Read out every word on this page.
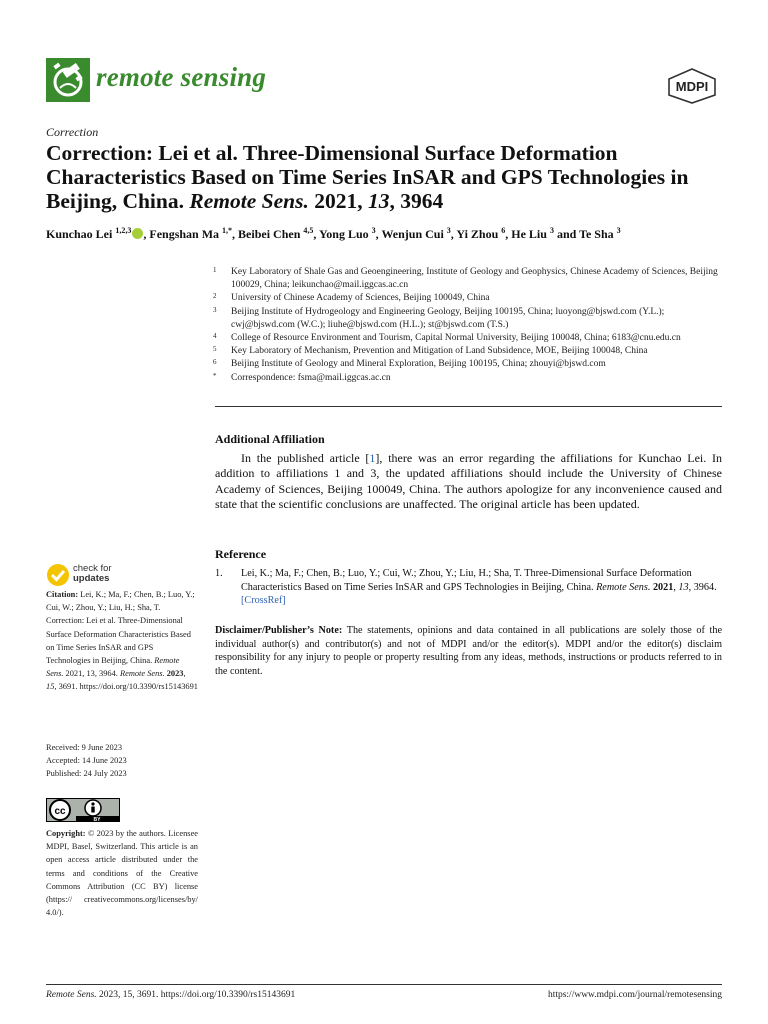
remote sensing	MDPI
Correction
Correction: Lei et al. Three-Dimensional Surface Deformation Characteristics Based on Time Series InSAR and GPS Technologies in Beijing, China. Remote Sens. 2021, 13, 3964
Kunchao Lei $^{1,2,3}$ , Fengshan Ma $^{1,*}$, Beibei Chen $^{4,5}$, Yong Luo $^3$, Wenjun Cui $^3$, Yi Zhou $^6$, He Liu $^3$ and Te Sha $^3$
1 Key Laboratory of Shale Gas and Geoengineering, Institute of Geology and Geophysics, Chinese Academy of Sciences, Beijing 100029, China; leikunchao@mail.iggcas.ac.cn
2 University of Chinese Academy of Sciences, Beijing 100049, China
3 Beijing Institute of Hydrogeology and Engineering Geology, Beijing 100195, China; luoyong@bjswd.com (Y.L.); cwj@bjswd.com (W.C.); liuhe@bjswd.com (H.L.); st@bjswd.com (T.S.)
4 College of Resource Environment and Tourism, Capital Normal University, Beijing 100048, China; 6183@cnu.edu.cn
5 Key Laboratory of Mechanism, Prevention and Mitigation of Land Subsidence, MOE, Beijing 100048, China
6 Beijing Institute of Geology and Mineral Exploration, Beijing 100195, China; zhouyi@bjswd.com
* Correspondence: fsma@mail.iggcas.ac.cn
Additional Affiliation
In the published article [1], there was an error regarding the affiliations for Kunchao Lei. In addition to affiliations 1 and 3, the updated affiliations should include the University of Chinese Academy of Sciences, Beijing 100049, China. The authors apologize for any inconvenience caused and state that the scientific conclusions are unaffected. The original article has been updated.
Reference
1. Lei, K.; Ma, F.; Chen, B.; Luo, Y.; Cui, W.; Zhou, Y.; Liu, H.; Sha, T. Three-Dimensional Surface Deformation Characteristics Based on Time Series InSAR and GPS Technologies in Beijing, China. Remote Sens. 2021, 13, 3964. [CrossRef]
Disclaimer/Publisher’s Note: The statements, opinions and data contained in all publications are solely those of the individual author(s) and contributor(s) and not of MDPI and/or the editor(s). MDPI and/or the editor(s) disclaim responsibility for any injury to people or property resulting from any ideas, methods, instructions or products referred to in the content.
check for
updates
Citation: Lei, K.; Ma, F.; Chen, B.; Luo, Y.; Cui, W.; Zhou, Y.; Liu, H.; Sha, T. Correction: Lei et al. Three-Dimensional Surface Deformation Characteristics Based on Time Series InSAR and GPS Technologies in Beijing, China. Remote Sens. 2021, 13, 3964. Remote Sens. 2023, 15, 3691. https://doi.org/10.3390/rs15143691
Received: 9 June 2023
Accepted: 14 June 2023
Published: 24 July 2023
cc
BY
Copyright: © 2023 by the authors. Licensee MDPI, Basel, Switzerland. This article is an open access article distributed under the terms and conditions of the Creative Commons Attribution (CC BY) license (https:// creativecommons.org/licenses/by/ 4.0/).
Remote Sens. 2023, 15, 3691. https://doi.org/10.3390/rs15143691	https://www.mdpi.com/journal/remotesensing
